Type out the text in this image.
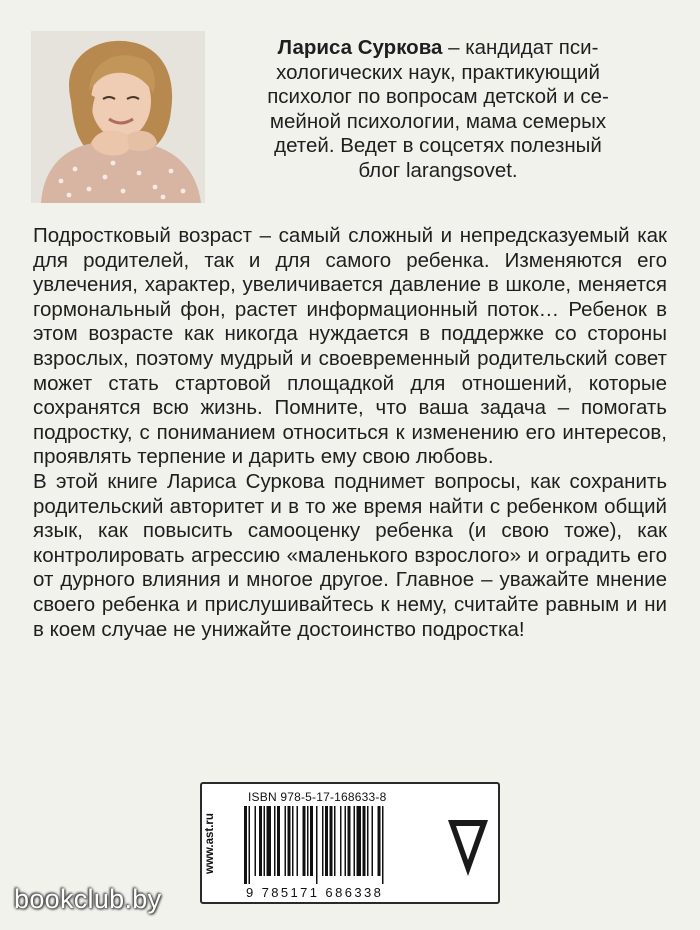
Лариса Суркова – кандидат пси-
хологических наук, практикующий
психолог по вопросам детской и се-
мейной психологии, мама семерых
детей. Ведет в соцсетях полезный
блог larangsovet.

Подростковый возраст – самый сложный и непредсказуемый как для родителей, так и для самого ребенка. Изменяются его увлечения, характер, увеличивается давление в школе, меняется гормональный фон, растет информационный поток… Ребенок в этом возрасте как никогда нуждается в поддержке со стороны взрослых, поэтому мудрый и своевременный родительский совет может стать стартовой площадкой для отношений, которые сохранятся всю жизнь. Помните, что ваша задача – помогать подростку, с пониманием относиться к изменению его интересов, проявлять терпение и дарить ему свою любовь.

В этой книге Лариса Суркова поднимет вопросы, как сохранить родительский авторитет и в то же время найти с ребенком общий язык, как повысить самооценку ребенка (и свою тоже), как контролировать агрессию «маленького взрослого» и оградить его от дурного влияния и многое другое. Главное – уважайте мнение своего ребенка и прислушивайтесь к нему, считайте равным и ни в коем случае не унижайте достоинство подростка!

www.ast.ru
ISBN 978-5-17-168633-8
9 785171 686338
bookclub.by
